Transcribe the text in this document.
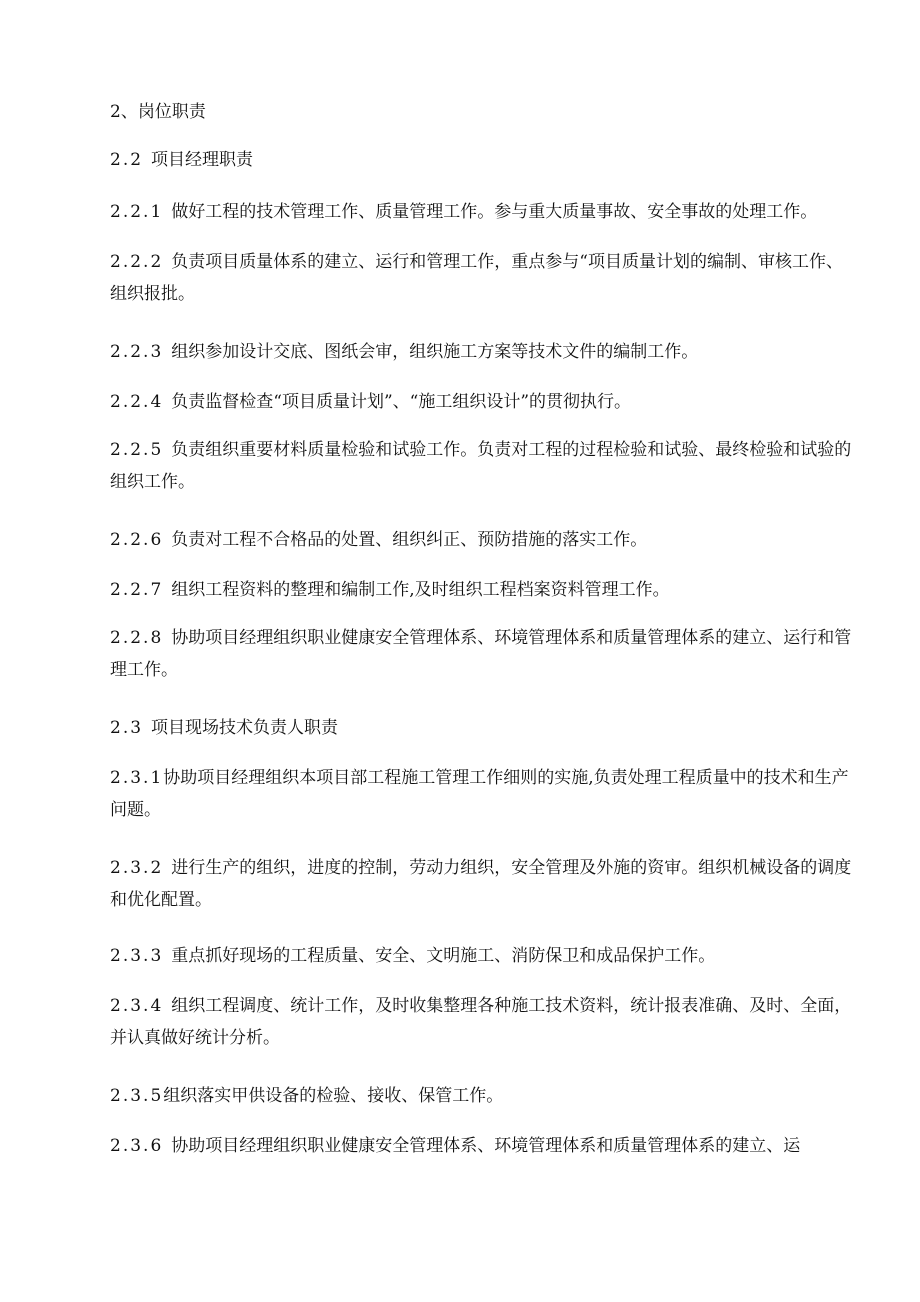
2、岗位职责

2.2 项目经理职责

2.2.1 做好工程的技术管理工作、质量管理工作。参与重大质量事故、安全事故的处理工作。

2.2.2 负责项目质量体系的建立、运行和管理工作，重点参与“项目质量计划的编制、审核工作、组织报批。

2.2.3 组织参加设计交底、图纸会审，组织施工方案等技术文件的编制工作。

2.2.4 负责监督检查“项目质量计划”、“施工组织设计”的贯彻执行。

2.2.5 负责组织重要材料质量检验和试验工作。负责对工程的过程检验和试验、最终检验和试验的组织工作。

2.2.6 负责对工程不合格品的处置、组织纠正、预防措施的落实工作。

2.2.7 组织工程资料的整理和编制工作,及时组织工程档案资料管理工作。

2.2.8 协助项目经理组织职业健康安全管理体系、环境管理体系和质量管理体系的建立、运行和管理工作。

2.3 项目现场技术负责人职责

2.3.1协助项目经理组织本项目部工程施工管理工作细则的实施,负责处理工程质量中的技术和生产问题。

2.3.2 进行生产的组织，进度的控制，劳动力组织，安全管理及外施的资审。组织机械设备的调度和优化配置。

2.3.3 重点抓好现场的工程质量、安全、文明施工、消防保卫和成品保护工作。

2.3.4 组织工程调度、统计工作，及时收集整理各种施工技术资料，统计报表准确、及时、全面，并认真做好统计分析。

2.3.5组织落实甲供设备的检验、接收、保管工作。

2.3.6 协助项目经理组织职业健康安全管理体系、环境管理体系和质量管理体系的建立、运
